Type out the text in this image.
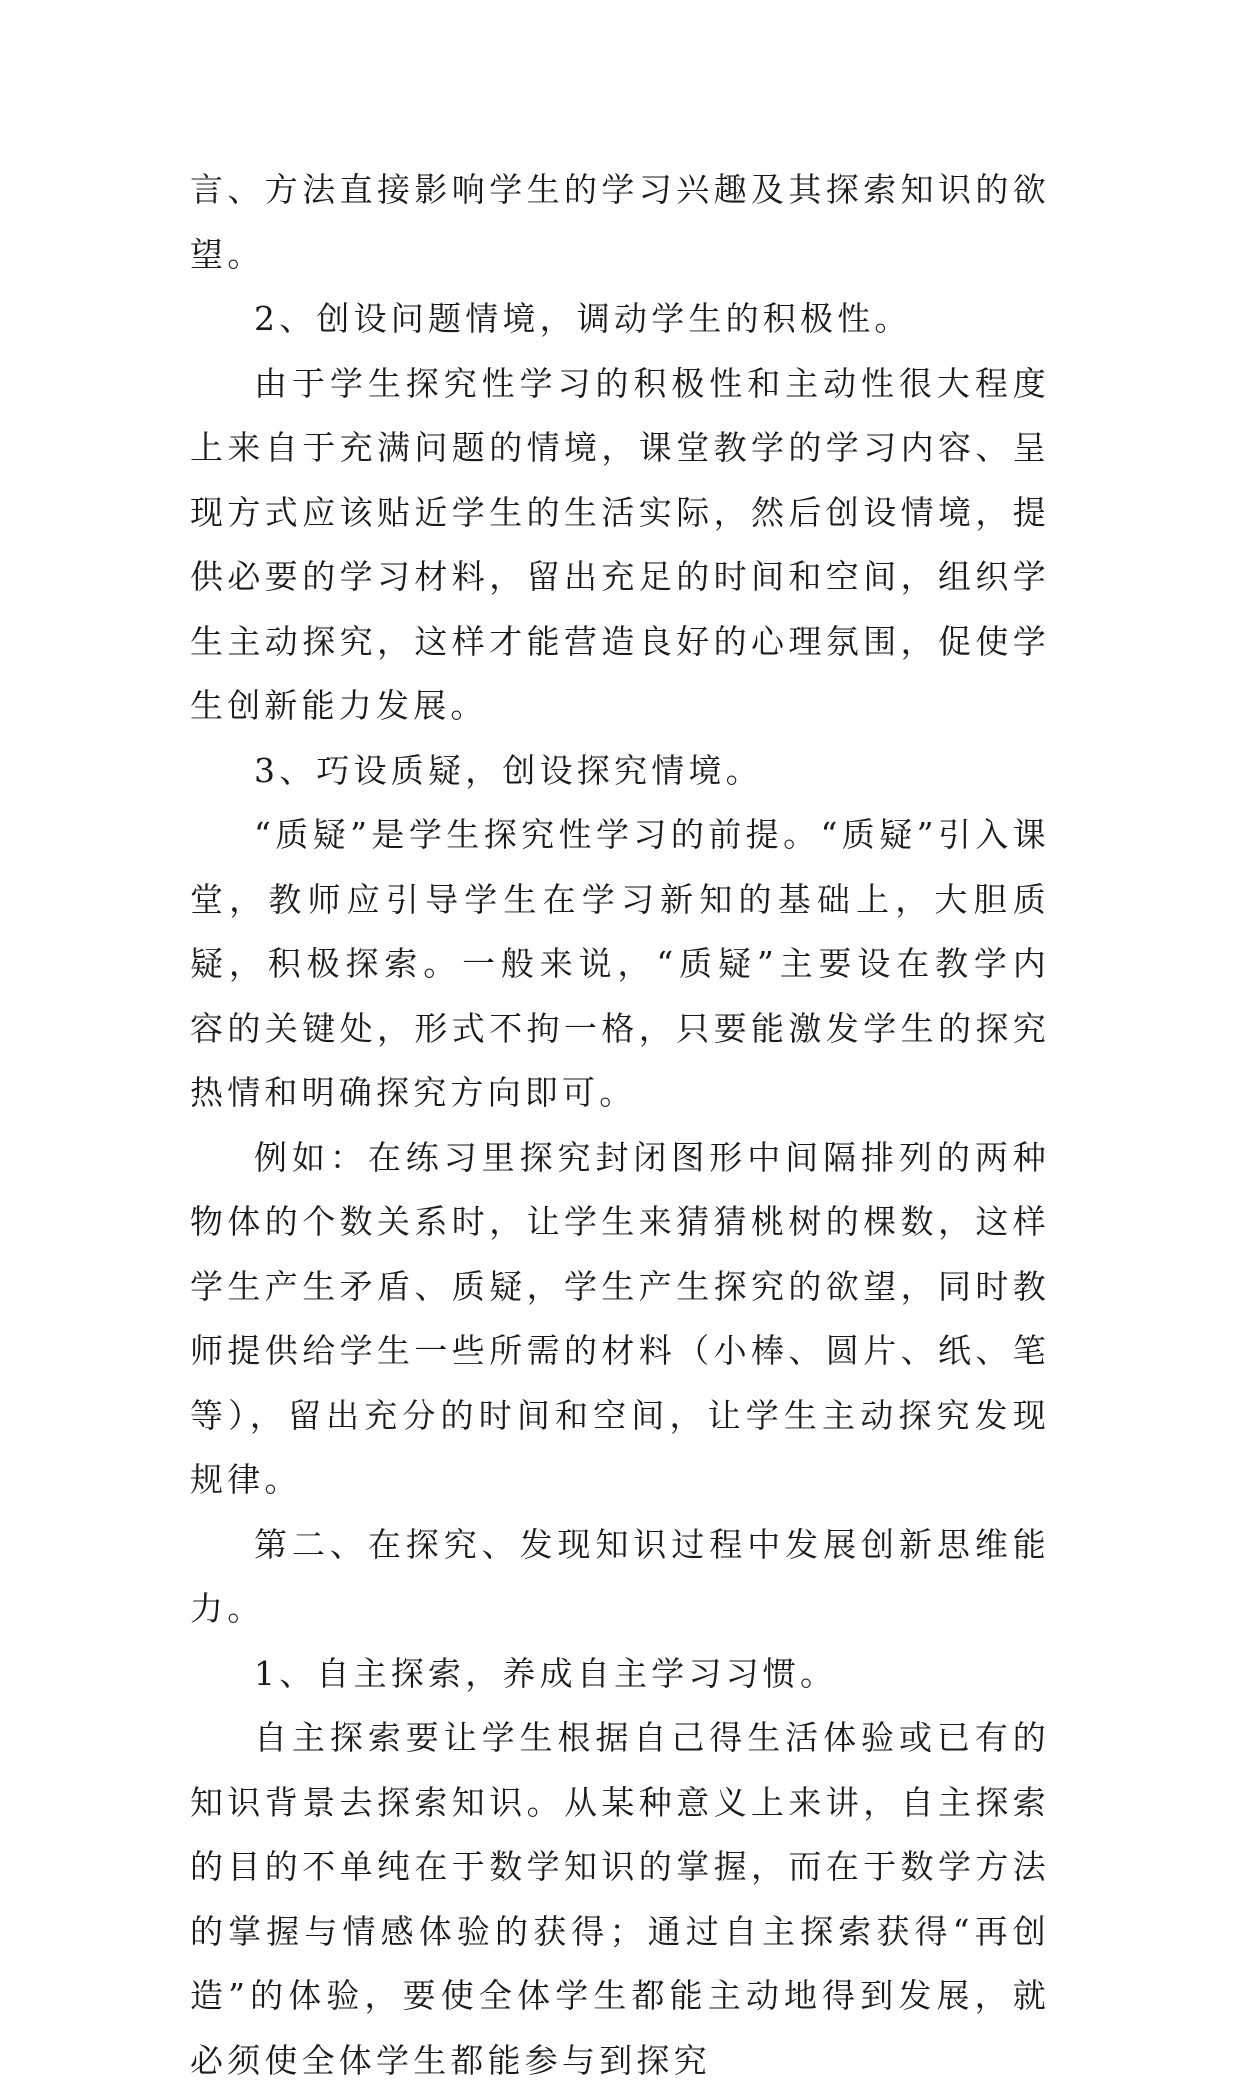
言、方法直接影响学生的学习兴趣及其探索知识的欲望。

2、创设问题情境，调动学生的积极性。

由于学生探究性学习的积极性和主动性很大程度上来自于充满问题的情境，课堂教学的学习内容、呈现方式应该贴近学生的生活实际，然后创设情境，提供必要的学习材料，留出充足的时间和空间，组织学生主动探究，这样才能营造良好的心理氛围，促使学生创新能力发展。

3、巧设质疑，创设探究情境。

“质疑”是学生探究性学习的前提。“质疑”引入课堂，教师应引导学生在学习新知的基础上，大胆质疑，积极探索。一般来说，“质疑”主要设在教学内容的关键处，形式不拘一格，只要能激发学生的探究热情和明确探究方向即可。

例如：在练习里探究封闭图形中间隔排列的两种物体的个数关系时，让学生来猜猜桃树的棵数，这样学生产生矛盾、质疑，学生产生探究的欲望，同时教师提供给学生一些所需的材料（小棒、圆片、纸、笔等），留出充分的时间和空间，让学生主动探究发现规律。

第二、在探究、发现知识过程中发展创新思维能力。

1、自主探索，养成自主学习习惯。

自主探索要让学生根据自己得生活体验或已有的知识背景去探索知识。从某种意义上来讲，自主探索的目的不单纯在于数学知识的掌握，而在于数学方法的掌握与情感体验的获得；通过自主探索获得“再创造”的体验，要使全体学生都能主动地得到发展，就必须使全体学生都能参与到探究
